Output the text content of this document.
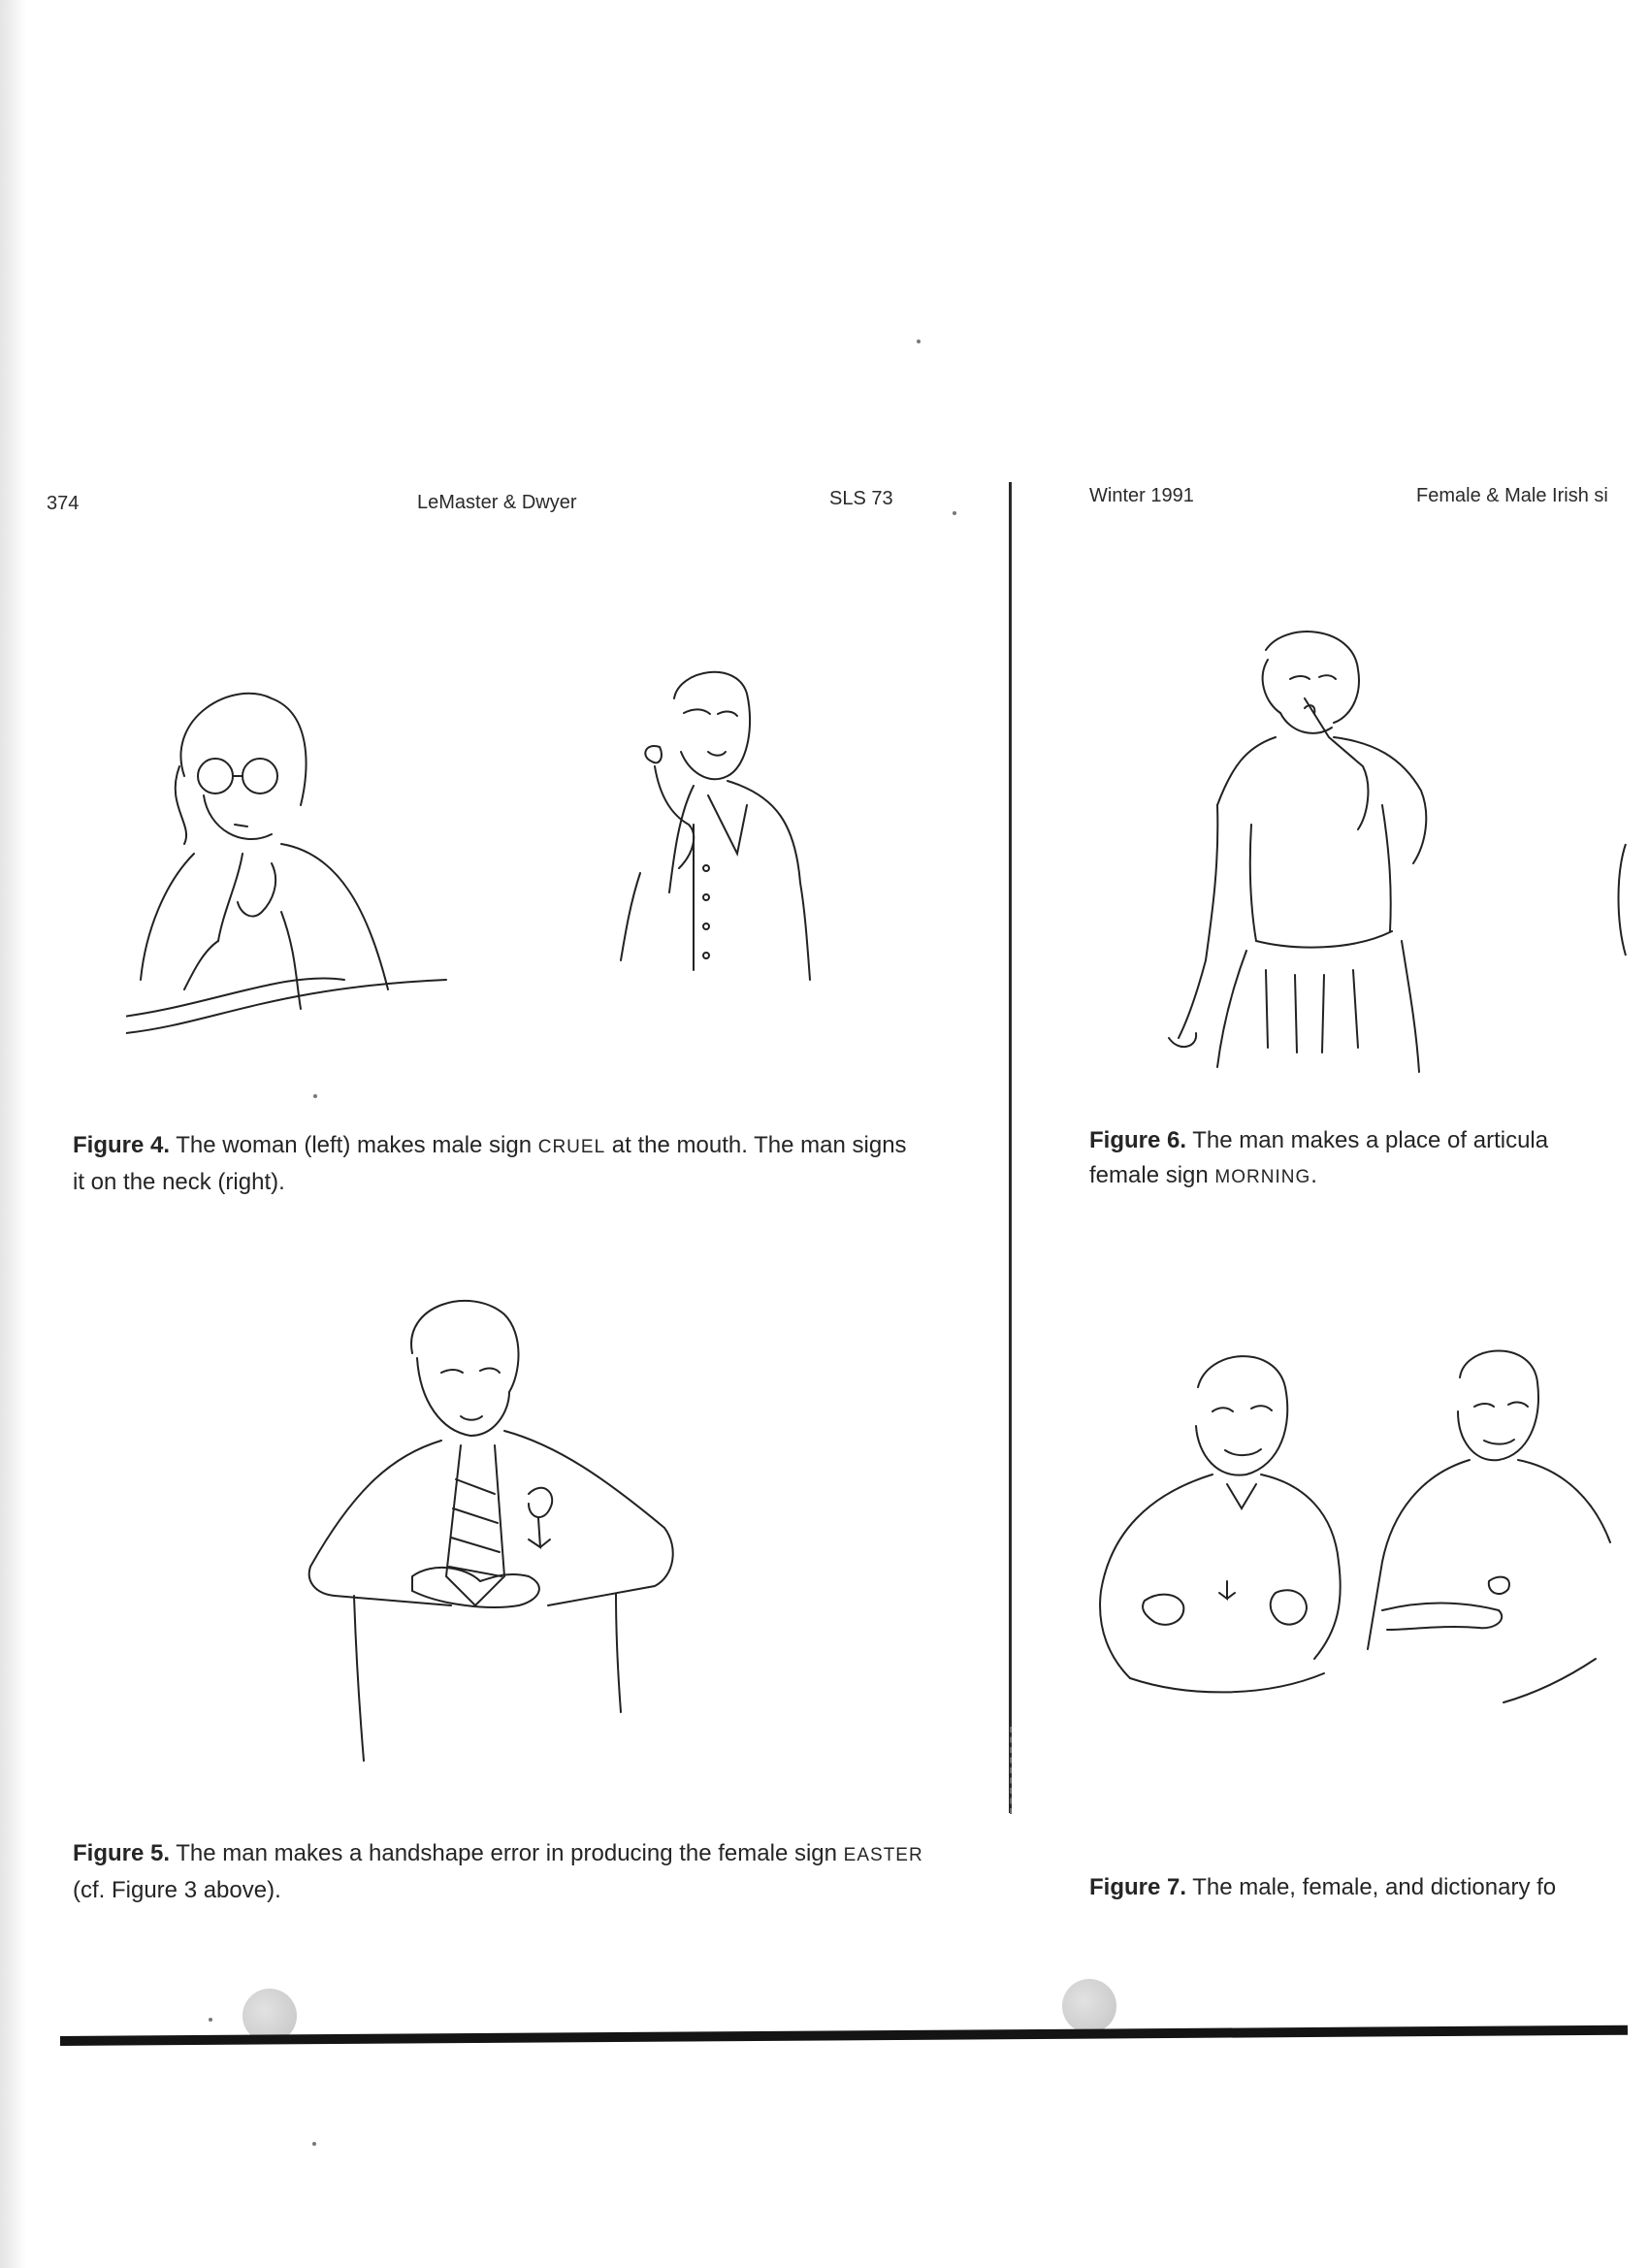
374	LeMaster & Dwyer	SLS 73	Winter 1991	Female & Male Irish si
Figure 4. The woman (left) makes male sign CRUEL at the mouth. The man signs it on the neck (right).
Figure 5. The man makes a handshape error in producing the female sign EASTER (cf. Figure 3 above).
Figure 6. The man makes a place of articula
female sign MORNING.
Figure 7. The male, female, and dictionary fo
